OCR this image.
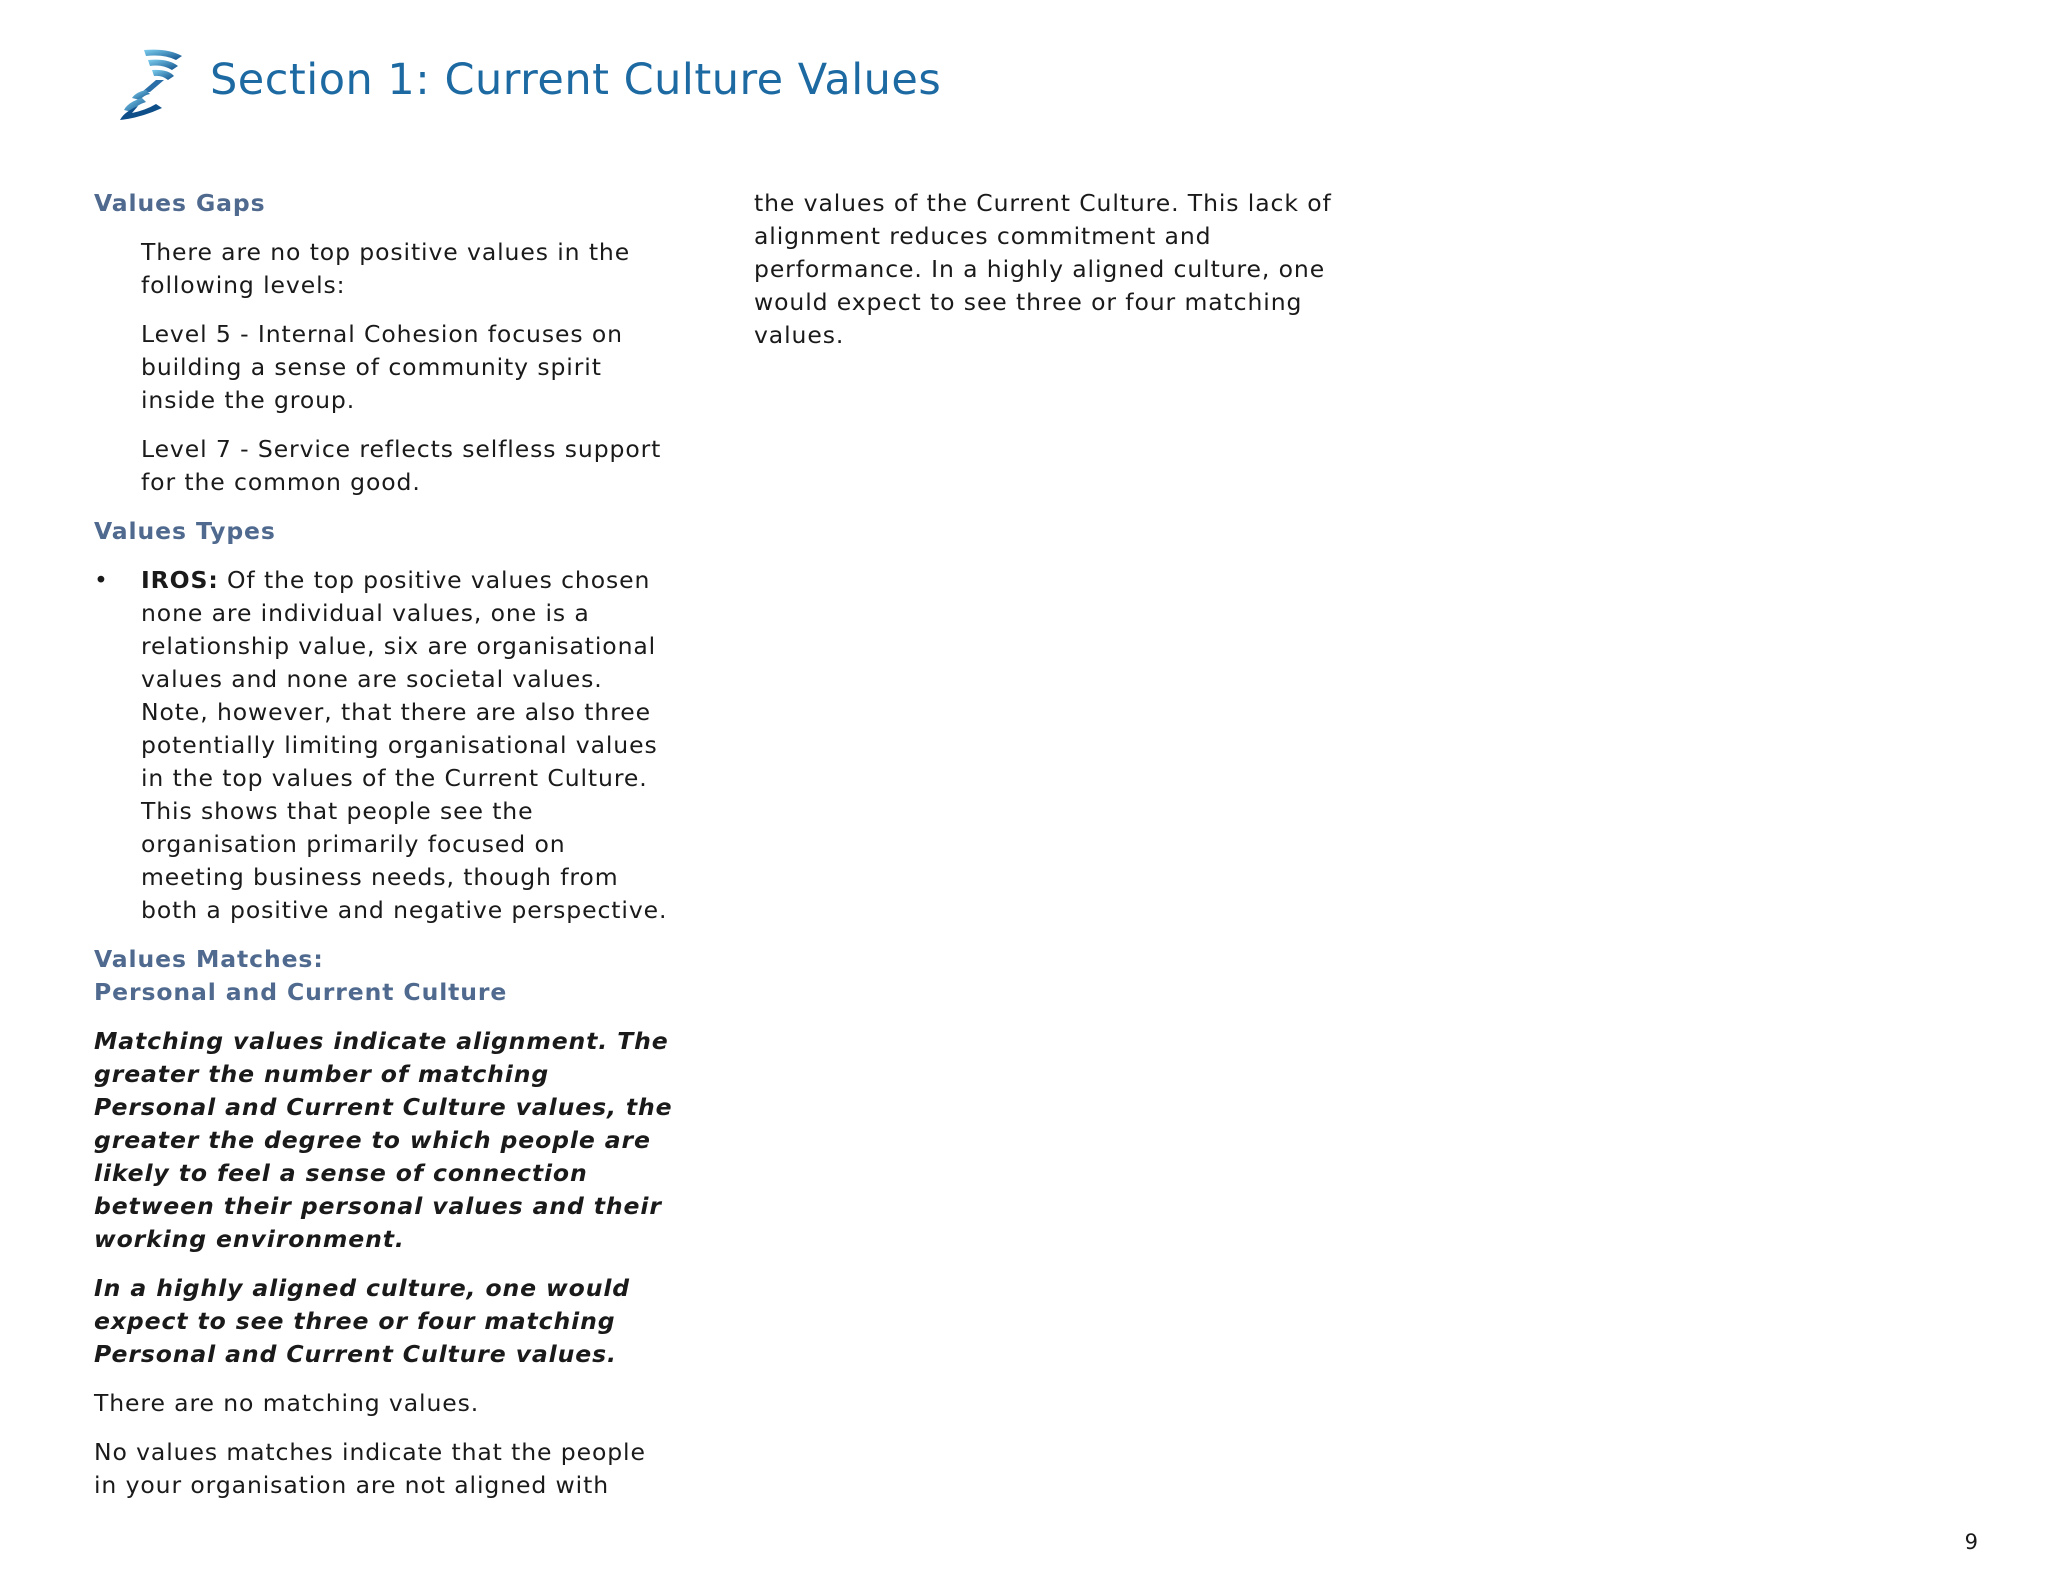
Section 1: Current Culture Values

Values Gaps

There are no top positive values in the following levels:

Level 5 - Internal Cohesion focuses on building a sense of community spirit inside the group.

Level 7 - Service reflects selfless support for the common good.

Values Types

• IROS: Of the top positive values chosen none are individual values, one is a relationship value, six are organisational values and none are societal values. Note, however, that there are also three potentially limiting organisational values in the top values of the Current Culture. This shows that people see the organisation primarily focused on meeting business needs, though from both a positive and negative perspective.

Values Matches:
Personal and Current Culture

Matching values indicate alignment. The greater the number of matching Personal and Current Culture values, the greater the degree to which people are likely to feel a sense of connection between their personal values and their working environment.

In a highly aligned culture, one would expect to see three or four matching Personal and Current Culture values.

There are no matching values.

No values matches indicate that the people in your organisation are not aligned with

the values of the Current Culture. This lack of alignment reduces commitment and performance. In a highly aligned culture, one would expect to see three or four matching values.

9
